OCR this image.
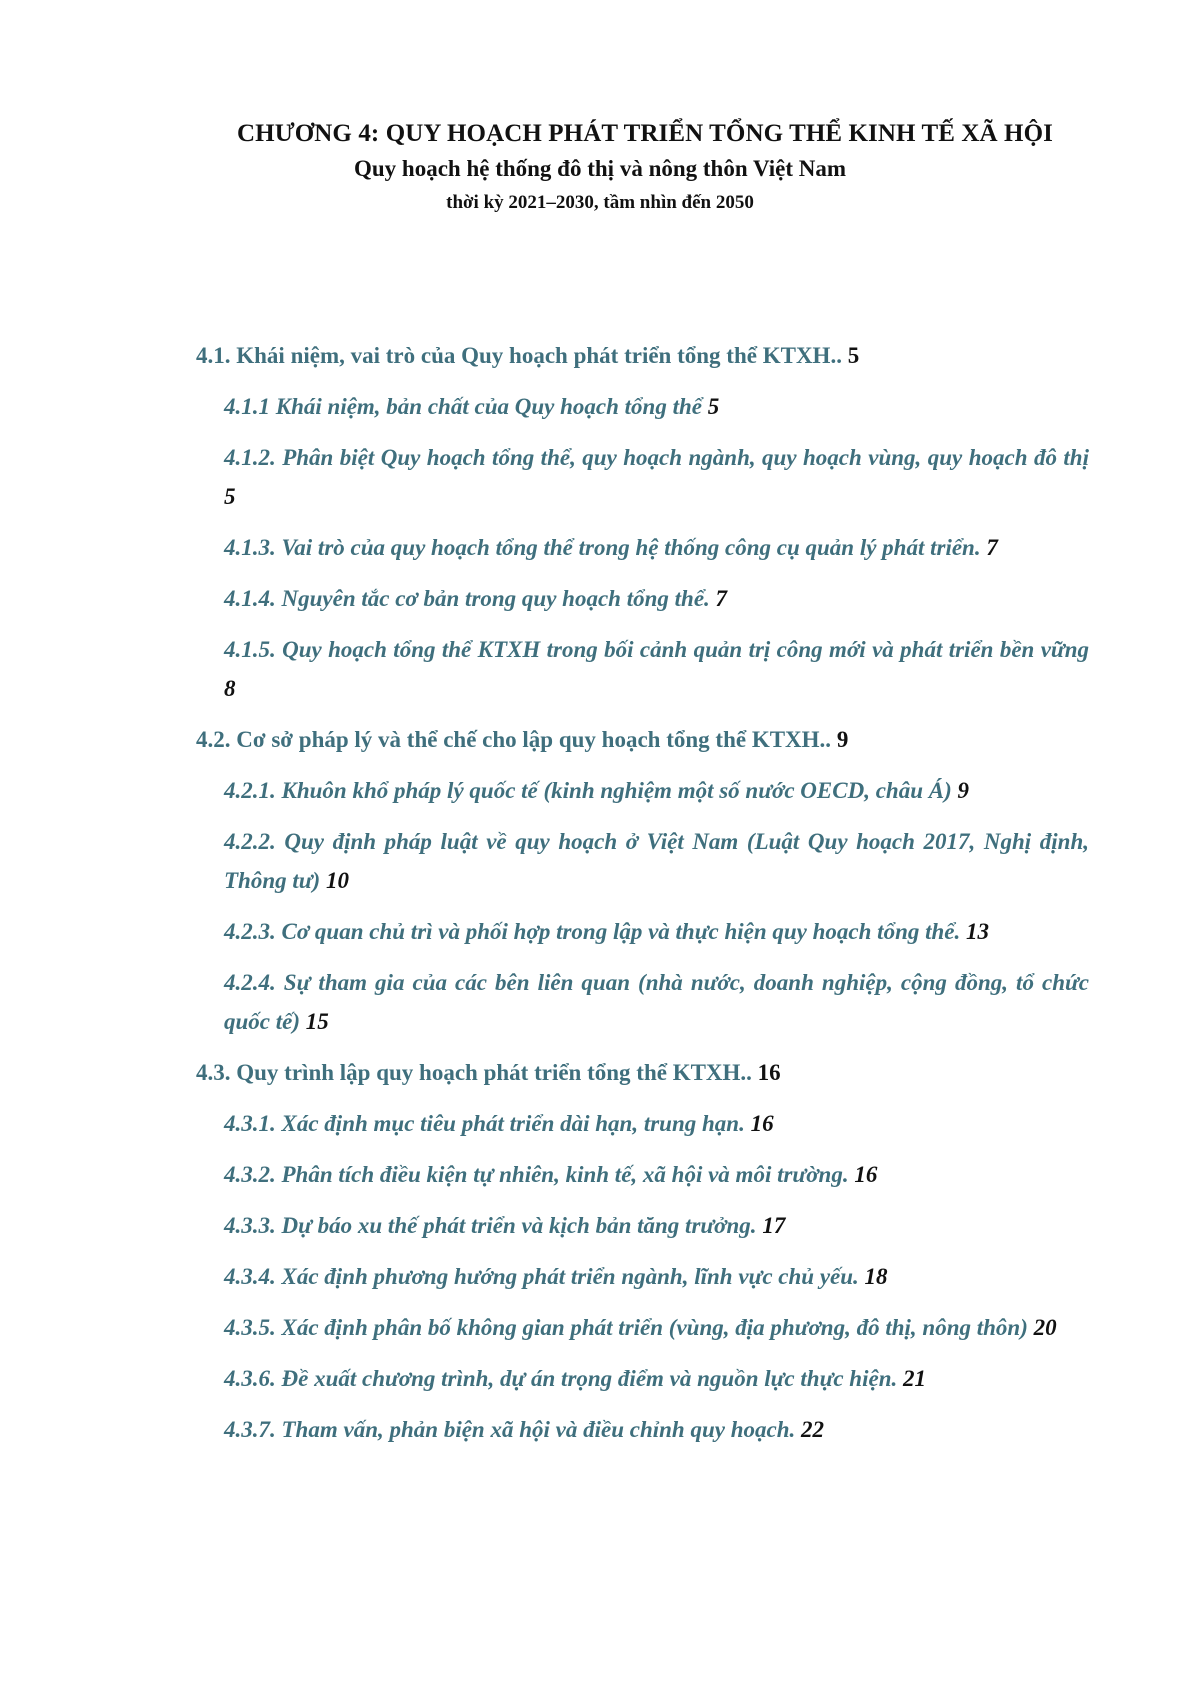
CHƯƠNG 4: QUY HOẠCH PHÁT TRIỂN TỔNG THỂ KINH TẾ XÃ HỘI
Quy hoạch hệ thống đô thị và nông thôn Việt Nam
thời kỳ 2021–2030, tầm nhìn đến 2050
4.1. Khái niệm, vai trò của Quy hoạch phát triển tổng thể KTXH.. 5
4.1.1 Khái niệm, bản chất của Quy hoạch tổng thể 5
4.1.2. Phân biệt Quy hoạch tổng thể, quy hoạch ngành, quy hoạch vùng, quy hoạch đô thị 5
4.1.3. Vai trò của quy hoạch tổng thể trong hệ thống công cụ quản lý phát triển. 7
4.1.4. Nguyên tắc cơ bản trong quy hoạch tổng thể. 7
4.1.5. Quy hoạch tổng thể KTXH trong bối cảnh quản trị công mới và phát triển bền vững 8
4.2. Cơ sở pháp lý và thể chế cho lập quy hoạch tổng thể KTXH.. 9
4.2.1. Khuôn khổ pháp lý quốc tế (kinh nghiệm một số nước OECD, châu Á) 9
4.2.2. Quy định pháp luật về quy hoạch ở Việt Nam (Luật Quy hoạch 2017, Nghị định, Thông tư) 10
4.2.3. Cơ quan chủ trì và phối hợp trong lập và thực hiện quy hoạch tổng thể. 13
4.2.4. Sự tham gia của các bên liên quan (nhà nước, doanh nghiệp, cộng đồng, tổ chức quốc tế) 15
4.3. Quy trình lập quy hoạch phát triển tổng thể KTXH.. 16
4.3.1. Xác định mục tiêu phát triển dài hạn, trung hạn. 16
4.3.2. Phân tích điều kiện tự nhiên, kinh tế, xã hội và môi trường. 16
4.3.3. Dự báo xu thế phát triển và kịch bản tăng trưởng. 17
4.3.4. Xác định phương hướng phát triển ngành, lĩnh vực chủ yếu. 18
4.3.5. Xác định phân bố không gian phát triển (vùng, địa phương, đô thị, nông thôn) 20
4.3.6. Đề xuất chương trình, dự án trọng điểm và nguồn lực thực hiện. 21
4.3.7. Tham vấn, phản biện xã hội và điều chỉnh quy hoạch. 22
